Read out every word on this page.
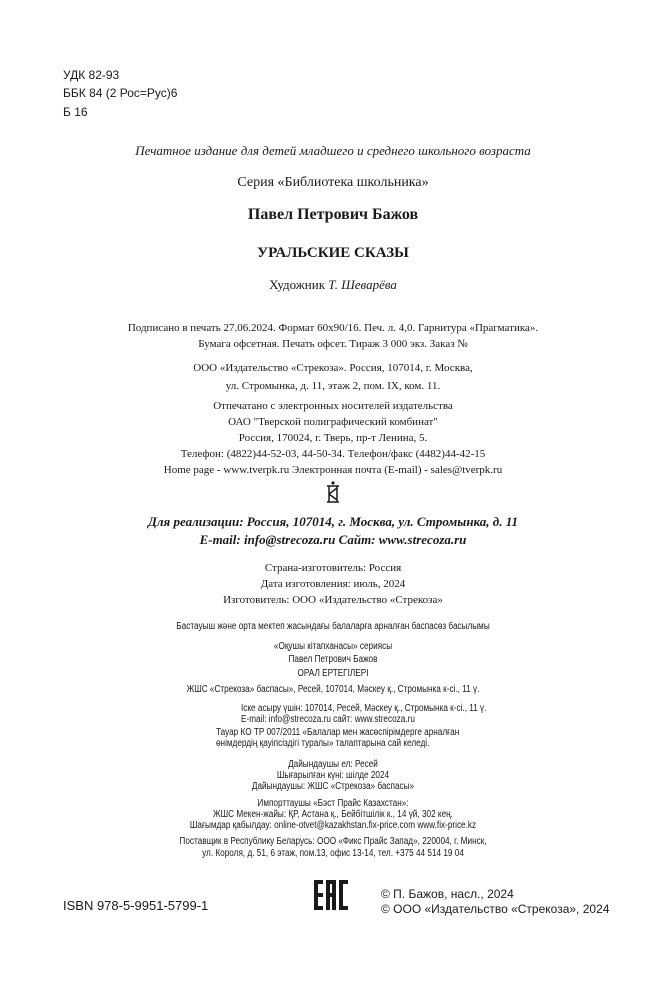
УДК 82-93
ББК 84 (2 Рос=Рус)6
Б 16
Печатное издание для детей младшего и среднего школьного возраста
Серия «Библиотека школьника»
Павел Петрович Бажов
УРАЛЬСКИЕ СКАЗЫ
Художник Т. Шеварёва
Подписано в печать 27.06.2024. Формат 60x90/16. Печ. л. 4,0. Гарнитура «Прагматика».
Бумага офсетная. Печать офсет. Тираж 3 000 экз. Заказ №
ООО «Издательство «Стрекоза». Россия, 107014, г. Москва,
ул. Стромынка, д. 11, этаж 2, пом. IX, ком. 11.
Отпечатано с электронных носителей издательства
ОАО "Тверской полиграфический комбинат"
Россия, 170024, г. Тверь, пр-т Ленина, 5.
Телефон: (4822)44-52-03, 44-50-34. Телефон/факс (4482)44-42-15
Home page - www.tverpk.ru Электронная почта (E-mail) - sales@tverpk.ru
Для реализации: Россия, 107014, г. Москва, ул. Стромынка, д. 11
E-mail: info@strecoza.ru Сайт: www.strecoza.ru
Страна-изготовитель: Россия
Дата изготовления: июль, 2024
Изготовитель: ООО «Издательство «Стрекоза»
Бастауыш және орта мектеп жасындағы балаларға арналған баспасөз басылымы
«Оқушы кітапханасы» сериясы
Павел Петрович Бажов
ОРАЛ ЕРТЕГІЛЕРІ
ЖШС «Стрекоза» баспасы», Ресей, 107014, Мәскеу қ., Стромынка к-сі., 11 ү.
Іске асыру үшін: 107014, Ресей, Мәскеу қ., Стромынка к-сі., 11 ү.
E-mail: info@strecoza.ru сайт: www.strecoza.ru
Тауар КО ТР 007/2011 «Балалар мен жасөспірімдерге арналған
өнімдердің қауіпсіздігі туралы» талаптарына сай келеді.
Дайындаушы ел: Ресей
Шығарылған күні: шілде 2024
Дайындаушы: ЖШС «Стрекоза» баспасы»
Импорттаушы «Бэст Прайс Казахстан»:
ЖШС Мекен-жайы: ҚР, Астана қ., Бейбітшілік к., 14 үй, 302 кең.
Шағымдар қабылдау: online-otvet@kazakhstan.fix-price.com www.fix-price.kz
Поставщик в Республику Беларусь: ООО «Фикс Прайс Запад», 220004, г. Минск,
ул. Короля, д. 51, 6 этаж, пом.13, офис 13-14, тел. +375 44 514 19 04
ISBN 978-5-9951-5799-1
© П. Бажов, насл., 2024
© ООО «Издательство «Стрекоза», 2024
